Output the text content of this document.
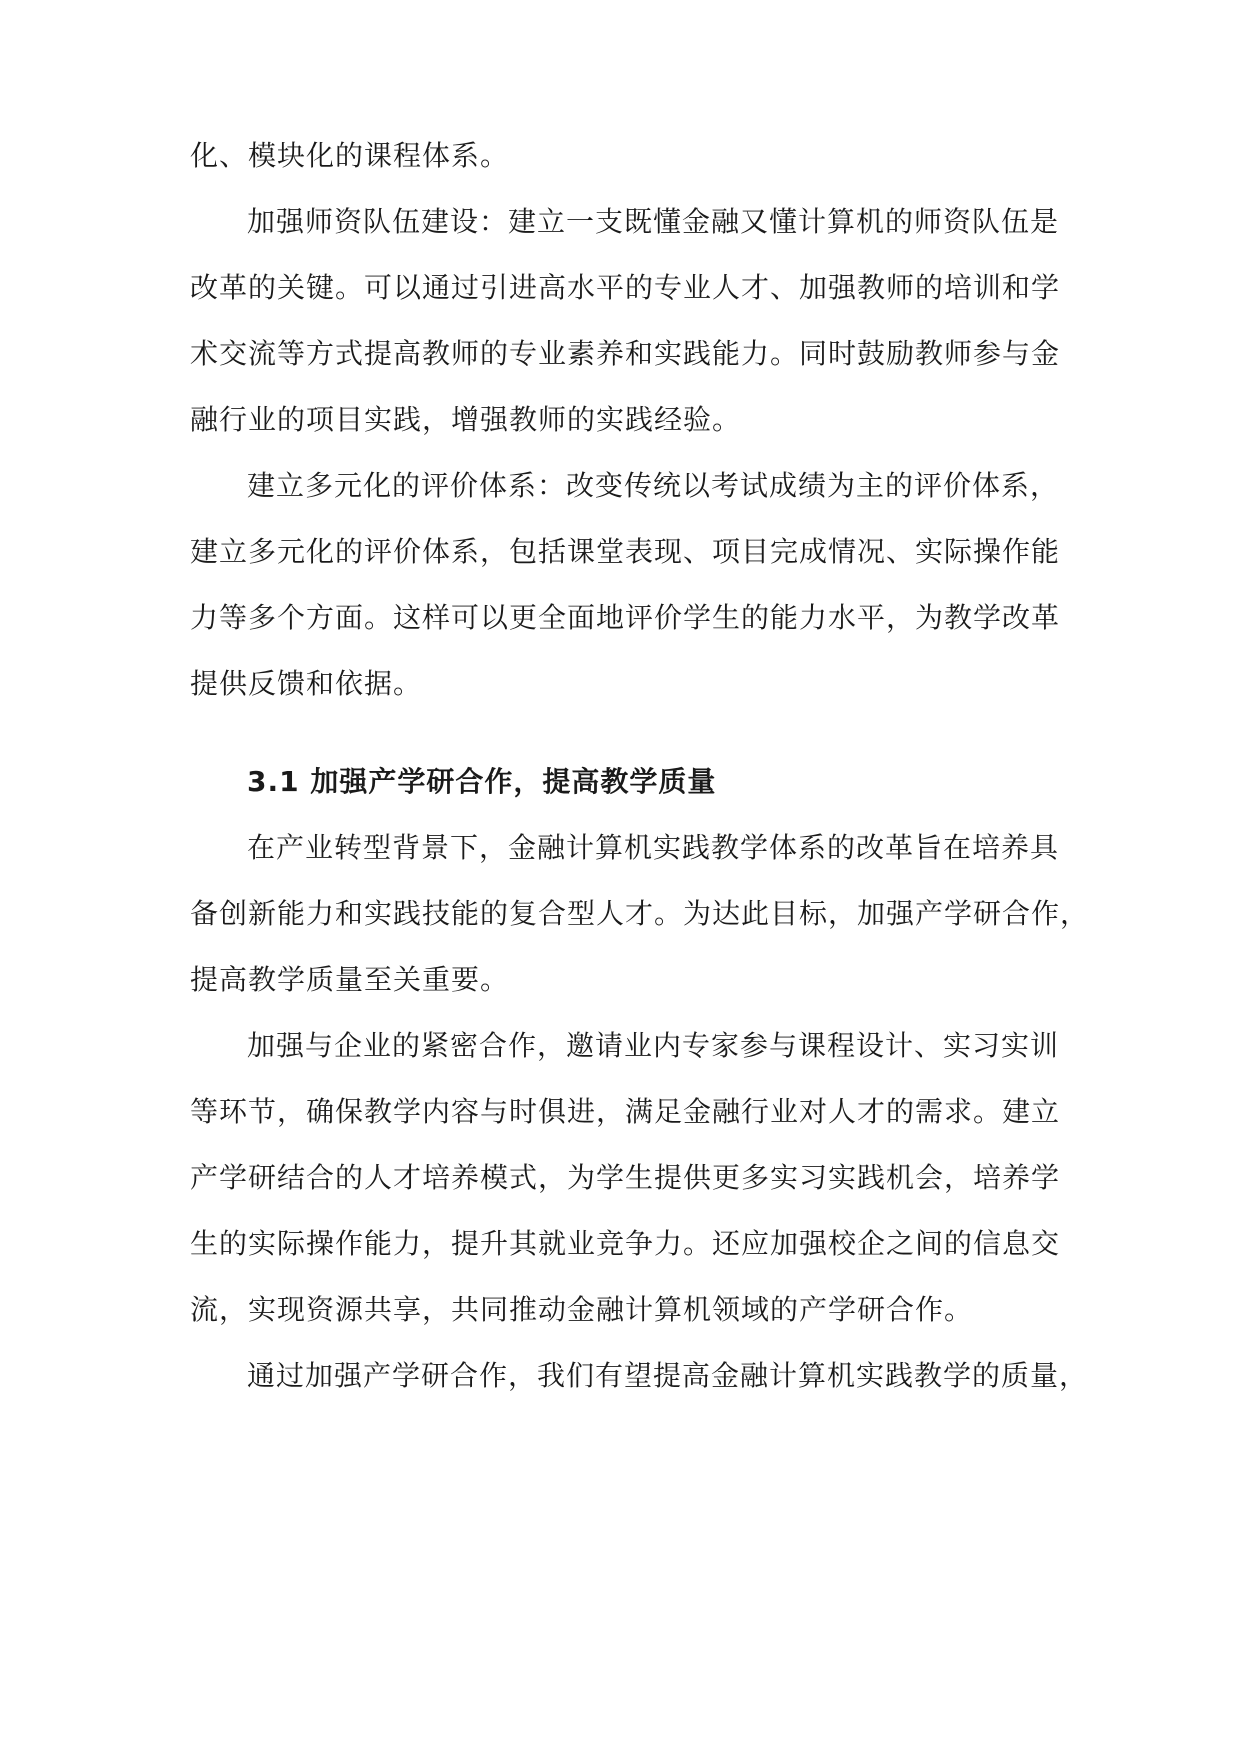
化、模块化的课程体系。
加强师资队伍建设：建立一支既懂金融又懂计算机的师资队伍是
改革的关键。可以通过引进高水平的专业人才、加强教师的培训和学
术交流等方式提高教师的专业素养和实践能力。同时鼓励教师参与金
融行业的项目实践，增强教师的实践经验。
建立多元化的评价体系：改变传统以考试成绩为主的评价体系，
建立多元化的评价体系，包括课堂表现、项目完成情况、实际操作能
力等多个方面。这样可以更全面地评价学生的能力水平，为教学改革
提供反馈和依据。
3.1 加强产学研合作，提高教学质量
在产业转型背景下，金融计算机实践教学体系的改革旨在培养具
备创新能力和实践技能的复合型人才。为达此目标，加强产学研合作，
提高教学质量至关重要。
加强与企业的紧密合作，邀请业内专家参与课程设计、实习实训
等环节，确保教学内容与时俱进，满足金融行业对人才的需求。建立
产学研结合的人才培养模式，为学生提供更多实习实践机会，培养学
生的实际操作能力，提升其就业竞争力。还应加强校企之间的信息交
流，实现资源共享，共同推动金融计算机领域的产学研合作。
通过加强产学研合作，我们有望提高金融计算机实践教学的质量，
